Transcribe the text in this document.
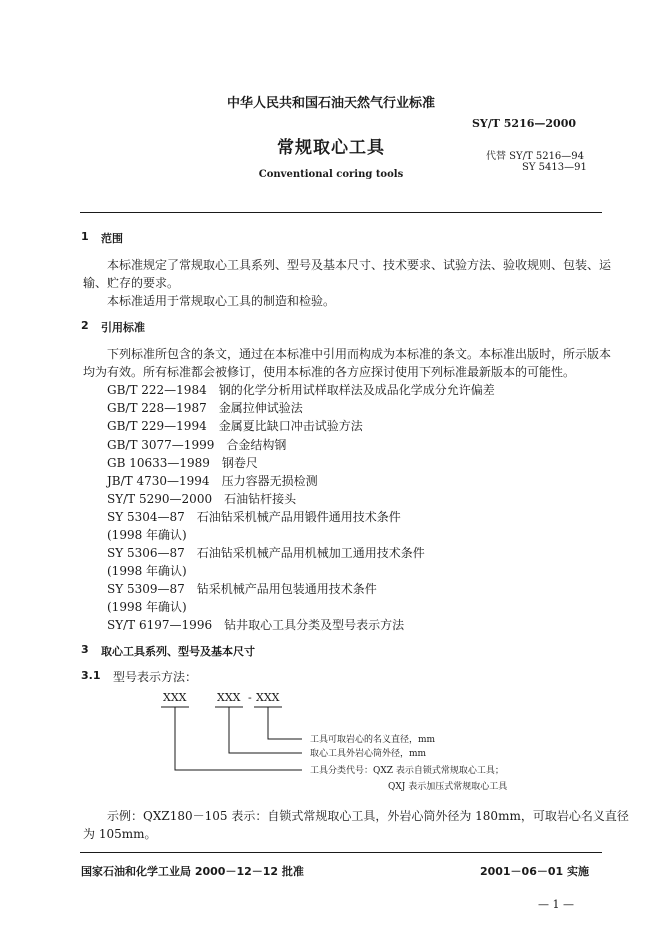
中华人民共和国石油天然气行业标准
SY/T 5216—2000
常规取心工具
Conventional coring tools
代替 SY/T 5216—94
SY 5413—91
1 范围
本标准规定了常规取心工具系列、型号及基本尺寸、技术要求、试验方法、验收规则、包装、运
输、贮存的要求。
本标准适用于常规取心工具的制造和检验。
2 引用标准
下列标准所包含的条文，通过在本标准中引用而构成为本标准的条文。本标准出版时，所示版本
均为有效。所有标准都会被修订，使用本标准的各方应探讨使用下列标准最新版本的可能性。
GB/T 222—1984　钢的化学分析用试样取样法及成品化学成分允许偏差
GB/T 228—1987　金属拉伸试验法
GB/T 229—1994　金属夏比缺口冲击试验方法
GB/T 3077—1999　合金结构钢
GB 10633—1989　钢卷尺
JB/T 4730—1994　压力容器无损检测
SY/T 5290—2000　石油钻杆接头
SY 5304—87　石油钻采机械产品用锻件通用技术条件
(1998 年确认)
SY 5306—87　石油钻采机械产品用机械加工通用技术条件
(1998 年确认)
SY 5309—87　钻采机械产品用包装通用技术条件
(1998 年确认)
SY/T 6197—1996　钻井取心工具分类及型号表示方法
3 取心工具系列、型号及基本尺寸
3.1 型号表示方法：
XXX	XXX - XXX
工具可取岩心的名义直径，mm
取心工具外岩心筒外径，mm
工具分类代号：QXZ 表示自锁式常规取心工具；
QXJ 表示加压式常规取心工具
示例：QXZ180－105 表示：自锁式常规取心工具，外岩心筒外径为 180mm，可取岩心名义直径
为 105mm。
国家石油和化学工业局 2000－12－12 批准	2001－06－01 实施
— 1 —
